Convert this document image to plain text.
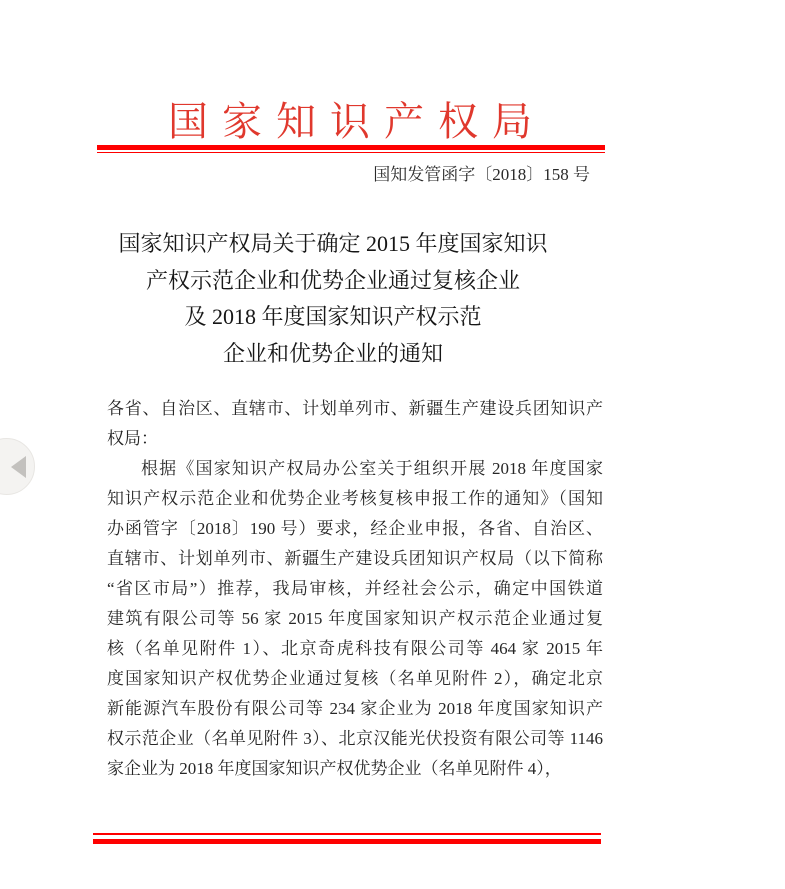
国 家 知 识 产 权 局
国知发管函字〔2018〕158 号
国家知识产权局关于确定 2015 年度国家知识
产权示范企业和优势企业通过复核企业
及 2018 年度国家知识产权示范
企业和优势企业的通知
各省、自治区、直辖市、计划单列市、新疆生产建设兵团知识产
权局：
根据《国家知识产权局办公室关于组织开展 2018 年度国家
知识产权示范企业和优势企业考核复核申报工作的通知》（国知
办函管字〔2018〕190 号）要求，经企业申报，各省、自治区、
直辖市、计划单列市、新疆生产建设兵团知识产权局（以下简称
“省区市局”）推荐，我局审核，并经社会公示，确定中国铁道
建筑有限公司等 56 家 2015 年度国家知识产权示范企业通过复
核（名单见附件 1）、北京奇虎科技有限公司等 464 家 2015 年
度国家知识产权优势企业通过复核（名单见附件 2），确定北京
新能源汽车股份有限公司等 234 家企业为 2018 年度国家知识产
权示范企业（名单见附件 3）、北京汉能光伏投资有限公司等 1146
家企业为 2018 年度国家知识产权优势企业（名单见附件 4），
